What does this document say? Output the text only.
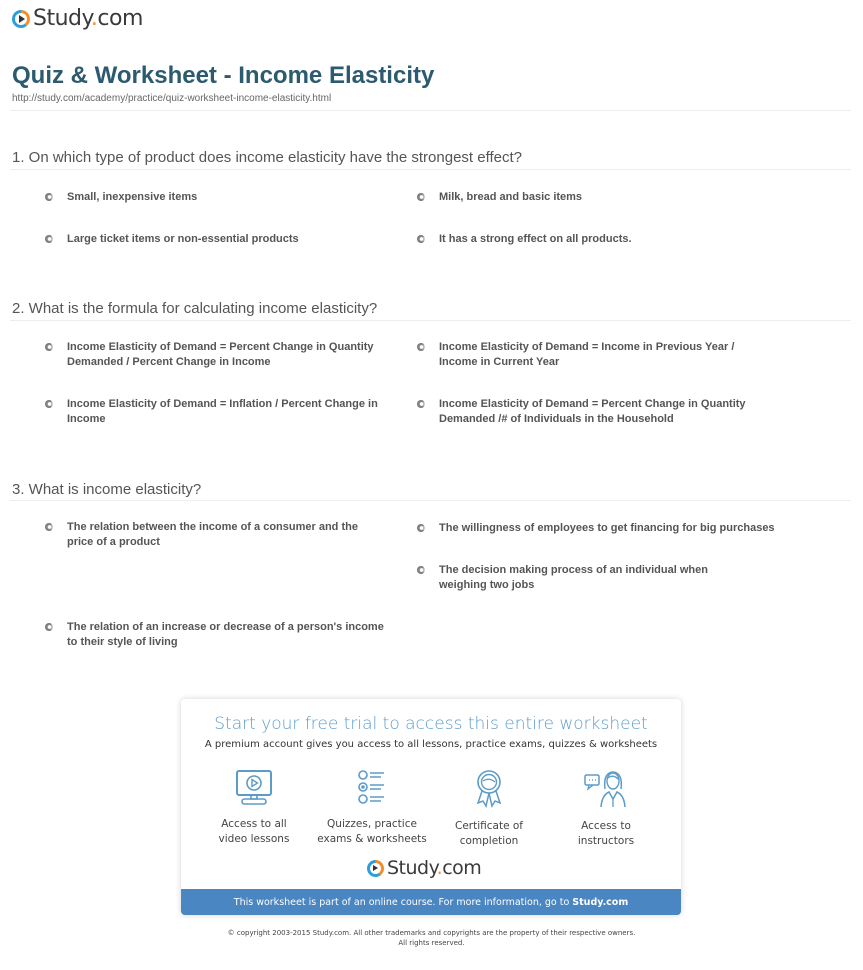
Study.com
Quiz & Worksheet - Income Elasticity
http://study.com/academy/practice/quiz-worksheet-income-elasticity.html
1. On which type of product does income elasticity have the strongest effect?
Small, inexpensive items	Milk, bread and basic items
Large ticket items or non-essential products	It has a strong effect on all products.
2. What is the formula for calculating income elasticity?
Income Elasticity of Demand = Percent Change in Quantity Demanded / Percent Change in Income
Income Elasticity of Demand = Income in Previous Year / Income in Current Year
Income Elasticity of Demand = Inflation / Percent Change in Income
Income Elasticity of Demand = Percent Change in Quantity Demanded /# of Individuals in the Household
3. What is income elasticity?
The relation between the income of a consumer and the price of a product
The willingness of employees to get financing for big purchases
The decision making process of an individual when weighing two jobs
The relation of an increase or decrease of a person's income to their style of living
Start your free trial to access this entire worksheet
A premium account gives you access to all lessons, practice exams, quizzes & worksheets
Access to all
video lessons
Quizzes, practice
exams & worksheets
Certificate of
completion
Access to
instructors
Study.com
This worksheet is part of an online course. For more information, go to Study.com
© copyright 2003-2015 Study.com. All other trademarks and copyrights are the property of their respective owners.
All rights reserved.
